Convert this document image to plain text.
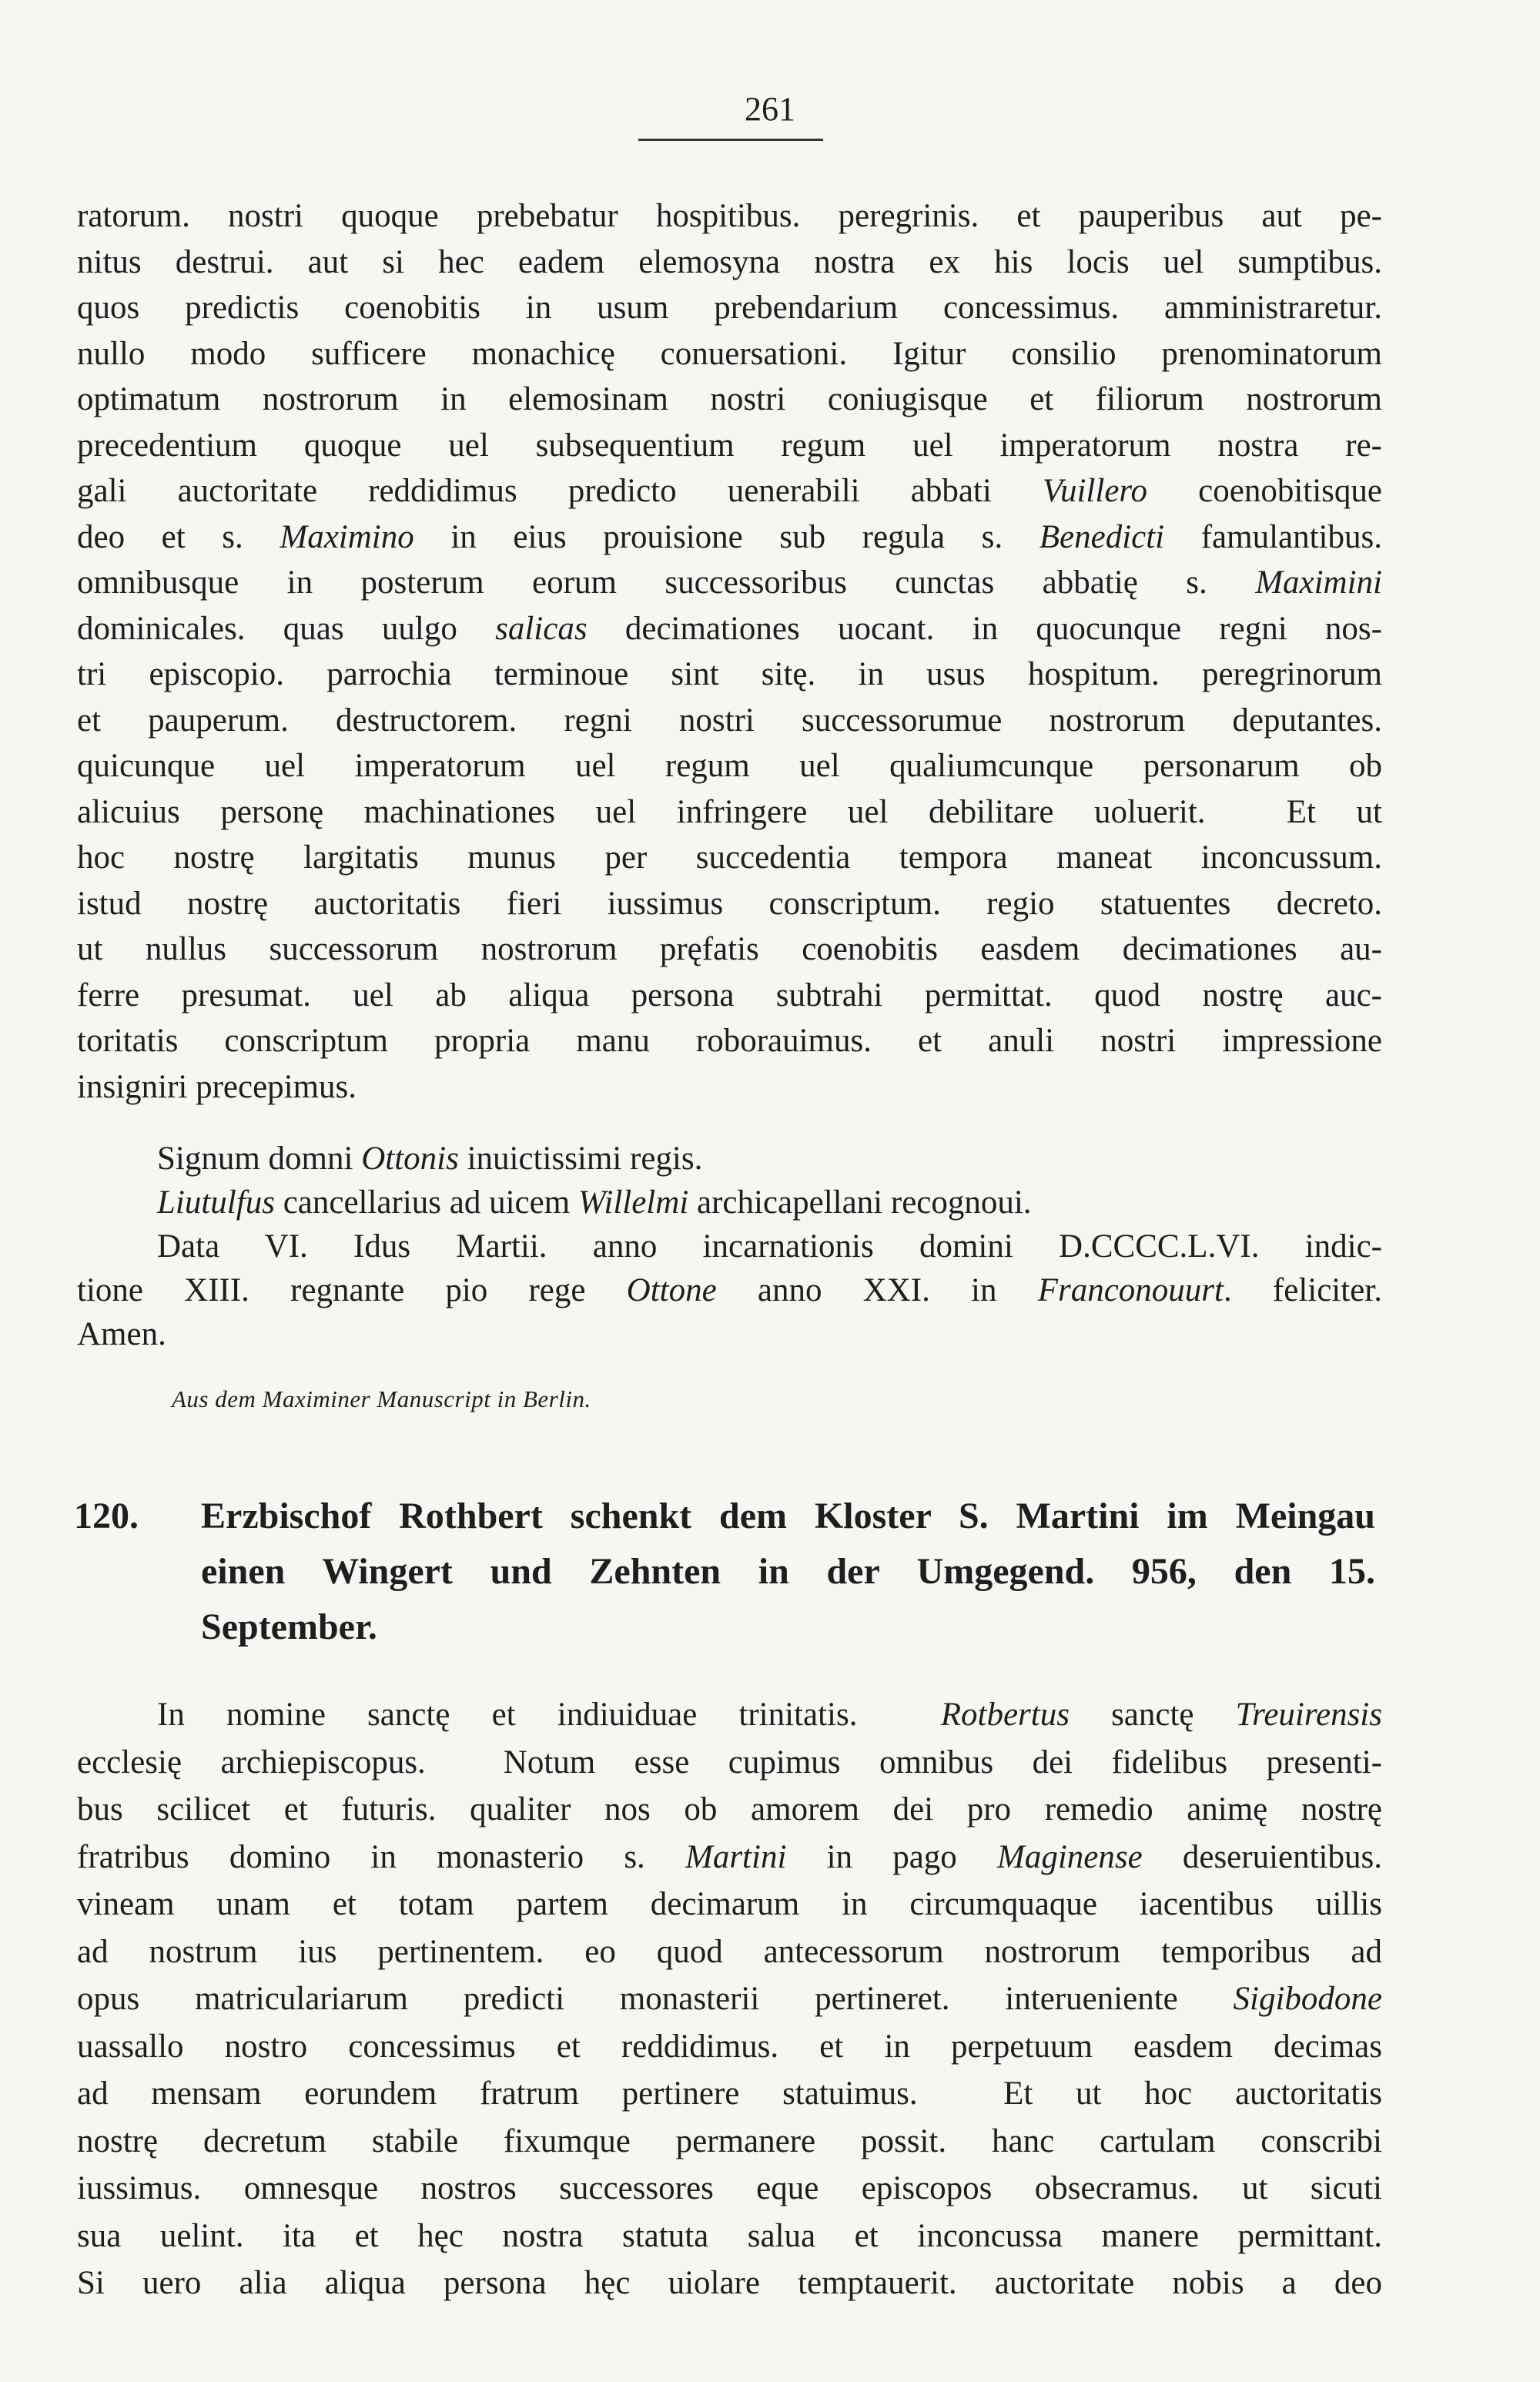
261
ratorum. nostri quoque prebebatur hospitibus. peregrinis. et pauperibus aut pe-
nitus destrui. aut si hec eadem elemosyna nostra ex his locis uel sumptibus.
quos predictis coenobitis in usum prebendarium concessimus. amministraretur.
nullo modo sufficere monachicę conuersationi. Igitur consilio prenominatorum
optimatum nostrorum in elemosinam nostri coniugisque et filiorum nostrorum
precedentium quoque uel subsequentium regum uel imperatorum nostra re-
gali auctoritate reddidimus predicto uenerabili abbati Vuillero coenobitisque
deo et s. Maximino in eius prouisione sub regula s. Benedicti famulantibus.
omnibusque in posterum eorum successoribus cunctas abbatię s. Maximini
dominicales. quas uulgo salicas decimationes uocant. in quocunque regni nos-
tri episcopio. parrochia terminoue sint sitę. in usus hospitum. peregrinorum
et pauperum. destructorem. regni nostri successorumue nostrorum deputantes.
quicunque uel imperatorum uel regum uel qualiumcunque personarum ob
alicuius personę machinationes uel infringere uel debilitare uoluerit.  Et ut
hoc nostrę largitatis munus per succedentia tempora maneat inconcussum.
istud nostrę auctoritatis fieri iussimus conscriptum. regio statuentes decreto.
ut nullus successorum nostrorum pręfatis coenobitis easdem decimationes au-
ferre presumat. uel ab aliqua persona subtrahi permittat. quod nostrę auc-
toritatis conscriptum propria manu roborauimus. et anuli nostri impressione
insigniri precepimus.
Signum domni Ottonis inuictissimi regis.
Liutulfus cancellarius ad uicem Willelmi archicapellani recognoui.
Data VI. Idus Martii. anno incarnationis domini D.CCCC.L.VI. indic-
tione XIII. regnante pio rege Ottone anno XXI. in Franconouurt. feliciter.
Amen.
Aus dem Maximiner Manuscript in Berlin.
120. Erzbischof Rothbert schenkt dem Kloster S. Martini im Meingau
einen Wingert und Zehnten in der Umgegend. 956, den 15.
September.
In nomine sanctę et indiuiduae trinitatis.  Rotbertus sanctę Treuirensis
ecclesię archiepiscopus.  Notum esse cupimus omnibus dei fidelibus presenti-
bus scilicet et futuris. qualiter nos ob amorem dei pro remedio animę nostrę
fratribus domino in monasterio s. Martini in pago Maginense deseruientibus.
vineam unam et totam partem decimarum in circumquaque iacentibus uillis
ad nostrum ius pertinentem. eo quod antecessorum nostrorum temporibus ad
opus matriculariarum predicti monasterii pertineret. interueniente Sigibodone
uassallo nostro concessimus et reddidimus. et in perpetuum easdem decimas
ad mensam eorundem fratrum pertinere statuimus.  Et ut hoc auctoritatis
nostrę decretum stabile fixumque permanere possit. hanc cartulam conscribi
iussimus. omnesque nostros successores eque episcopos obsecramus. ut sicuti
sua uelint. ita et hęc nostra statuta salua et inconcussa manere permittant.
Si uero alia aliqua persona hęc uiolare temptauerit. auctoritate nobis a deo
